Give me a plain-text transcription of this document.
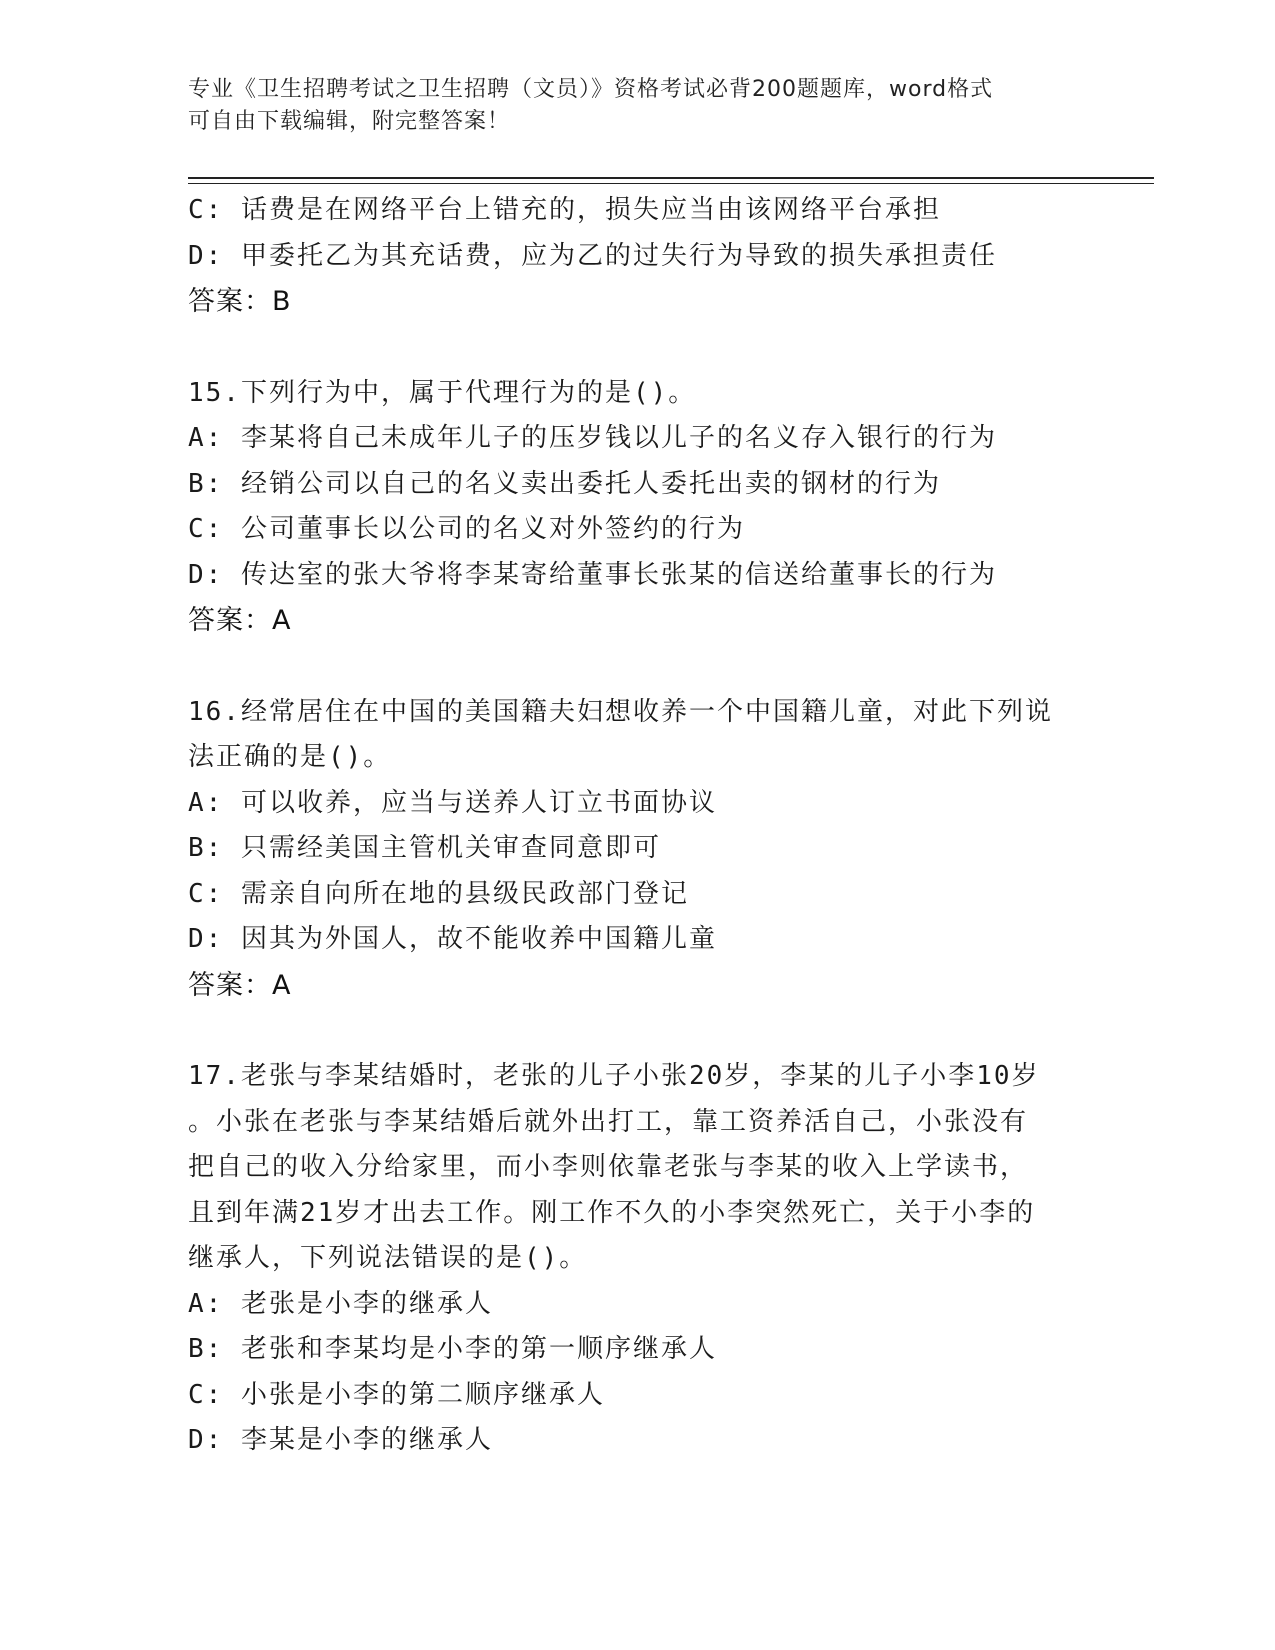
专业《卫生招聘考试之卫生招聘（文员）》资格考试必背200题题库，word格式
可自由下载编辑，附完整答案！
C: 话费是在网络平台上错充的，损失应当由该网络平台承担
D: 甲委托乙为其充话费，应为乙的过失行为导致的损失承担责任
答案：B
15.下列行为中，属于代理行为的是()。
A: 李某将自己未成年儿子的压岁钱以儿子的名义存入银行的行为
B: 经销公司以自己的名义卖出委托人委托出卖的钢材的行为
C: 公司董事长以公司的名义对外签约的行为
D: 传达室的张大爷将李某寄给董事长张某的信送给董事长的行为
答案：A
16.经常居住在中国的美国籍夫妇想收养一个中国籍儿童，对此下列说
法正确的是()。
A: 可以收养，应当与送养人订立书面协议
B: 只需经美国主管机关审查同意即可
C: 需亲自向所在地的县级民政部门登记
D: 因其为外国人，故不能收养中国籍儿童
答案：A
17.老张与李某结婚时，老张的儿子小张20岁，李某的儿子小李10岁
。小张在老张与李某结婚后就外出打工，靠工资养活自己，小张没有
把自己的收入分给家里，而小李则依靠老张与李某的收入上学读书，
且到年满21岁才出去工作。刚工作不久的小李突然死亡，关于小李的
继承人，下列说法错误的是()。
A: 老张是小李的继承人
B: 老张和李某均是小李的第一顺序继承人
C: 小张是小李的第二顺序继承人
D: 李某是小李的继承人
